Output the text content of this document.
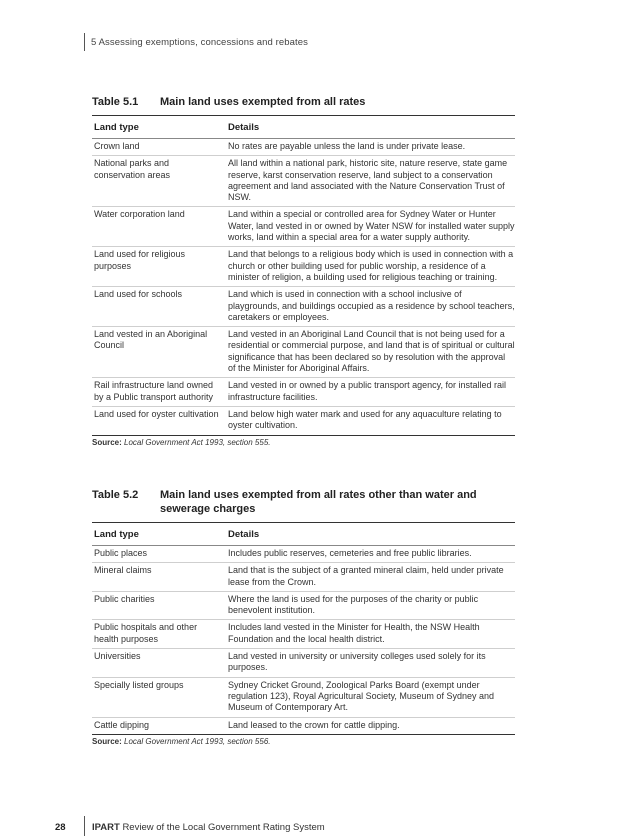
5 Assessing exemptions, concessions and rebates
Table 5.1	Main land uses exempted from all rates
Land type	Details
Crown land	No rates are payable unless the land is under private lease.
National parks and conservation areas	All land within a national park, historic site, nature reserve, state game reserve, karst conservation reserve, land subject to a conservation agreement and land associated with the Nature Conservation Trust of NSW.
Water corporation land	Land within a special or controlled area for Sydney Water or Hunter Water, land vested in or owned by Water NSW for installed water supply works, land within a special area for a water supply authority.
Land used for religious purposes	Land that belongs to a religious body which is used in connection with a church or other building used for public worship, a residence of a minister of religion, a building used for religious teaching or training.
Land used for schools	Land which is used in connection with a school inclusive of playgrounds, and buildings occupied as a residence by school teachers, caretakers or employees.
Land vested in an Aboriginal Council	Land vested in an Aboriginal Land Council that is not being used for a residential or commercial purpose, and land that is of spiritual or cultural significance that has been declared so by resolution with the approval of the Minister for Aboriginal Affairs.
Rail infrastructure land owned by a Public transport authority	Land vested in or owned by a public transport agency, for installed rail infrastructure facilities.
Land used for oyster cultivation	Land below high water mark and used for any aquaculture relating to oyster cultivation.
Source: Local Government Act 1993, section 555.
Table 5.2	Main land uses exempted from all rates other than water and sewerage charges
Land type	Details
Public places	Includes public reserves, cemeteries and free public libraries.
Mineral claims	Land that is the subject of a granted mineral claim, held under private lease from the Crown.
Public charities	Where the land is used for the purposes of the charity or public benevolent institution.
Public hospitals and other health purposes	Includes land vested in the Minister for Health, the NSW Health Foundation and the local health district.
Universities	Land vested in university or university colleges used solely for its purposes.
Specially listed groups	Sydney Cricket Ground, Zoological Parks Board (exempt under regulation 123), Royal Agricultural Society, Museum of Sydney and Museum of Contemporary Art.
Cattle dipping	Land leased to the crown for cattle dipping.
Source: Local Government Act 1993, section 556.
28	IPART Review of the Local Government Rating System
